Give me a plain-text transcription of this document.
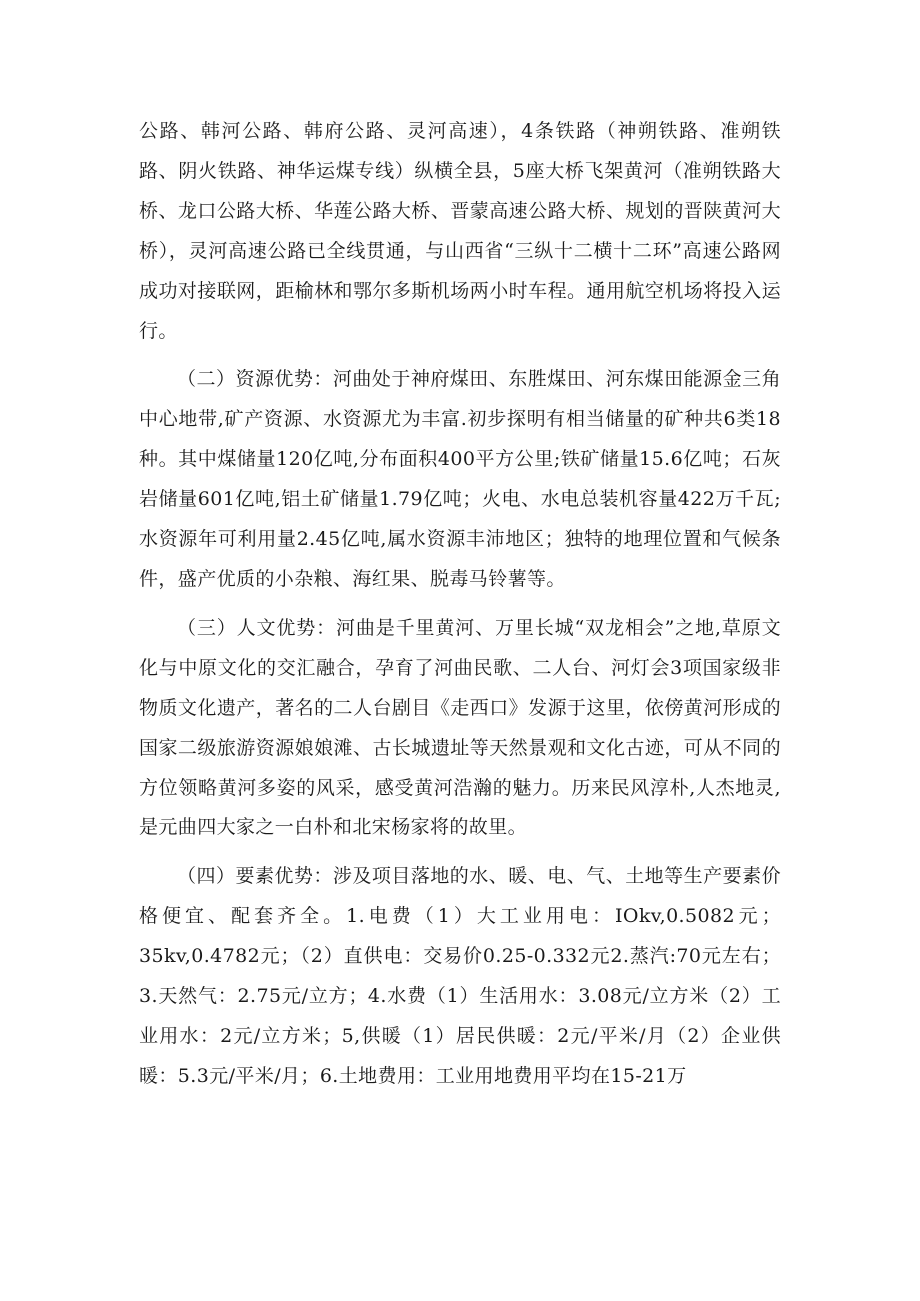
公路、韩河公路、韩府公路、灵河高速），4条铁路（神朔铁路、准朔铁路、阴火铁路、神华运煤专线）纵横全县，5座大桥飞架黄河（准朔铁路大桥、龙口公路大桥、华莲公路大桥、晋蒙高速公路大桥、规划的晋陕黄河大桥），灵河高速公路已全线贯通，与山西省“三纵十二横十二环”高速公路网成功对接联网，距榆林和鄂尔多斯机场两小时车程。通用航空机场将投入运行。

（二）资源优势：河曲处于神府煤田、东胜煤田、河东煤田能源金三角中心地带,矿产资源、水资源尤为丰富.初步探明有相当储量的矿种共6类18种。其中煤储量120亿吨,分布面积400平方公里;铁矿储量15.6亿吨；石灰岩储量601亿吨,铝土矿储量1.79亿吨；火电、水电总装机容量422万千瓦;水资源年可利用量2.45亿吨,属水资源丰沛地区；独特的地理位置和气候条件，盛产优质的小杂粮、海红果、脱毒马铃薯等。

（三）人文优势：河曲是千里黄河、万里长城“双龙相会”之地,草原文化与中原文化的交汇融合，孕育了河曲民歌、二人台、河灯会3项国家级非物质文化遗产，著名的二人台剧目《走西口》发源于这里，依傍黄河形成的国家二级旅游资源娘娘滩、古长城遗址等天然景观和文化古迹，可从不同的方位领略黄河多姿的风采，感受黄河浩瀚的魅力。历来民风淳朴,人杰地灵,是元曲四大家之一白朴和北宋杨家将的故里。

（四）要素优势：涉及项目落地的水、暖、电、气、土地等生产要素价格便宜、配套齐全。1.电费（1）大工业用电：IOkv,0.5082元；35kv,0.4782元；（2）直供电：交易价0.25-0.332元2.蒸汽:70元左右；3.天然气：2.75元/立方；4.水费（1）生活用水：3.08元/立方米（2）工业用水：2元/立方米；5,供暖（1）居民供暖：2元/平米/月（2）企业供暖：5.3元/平米/月；6.土地费用：工业用地费用平均在15-21万
